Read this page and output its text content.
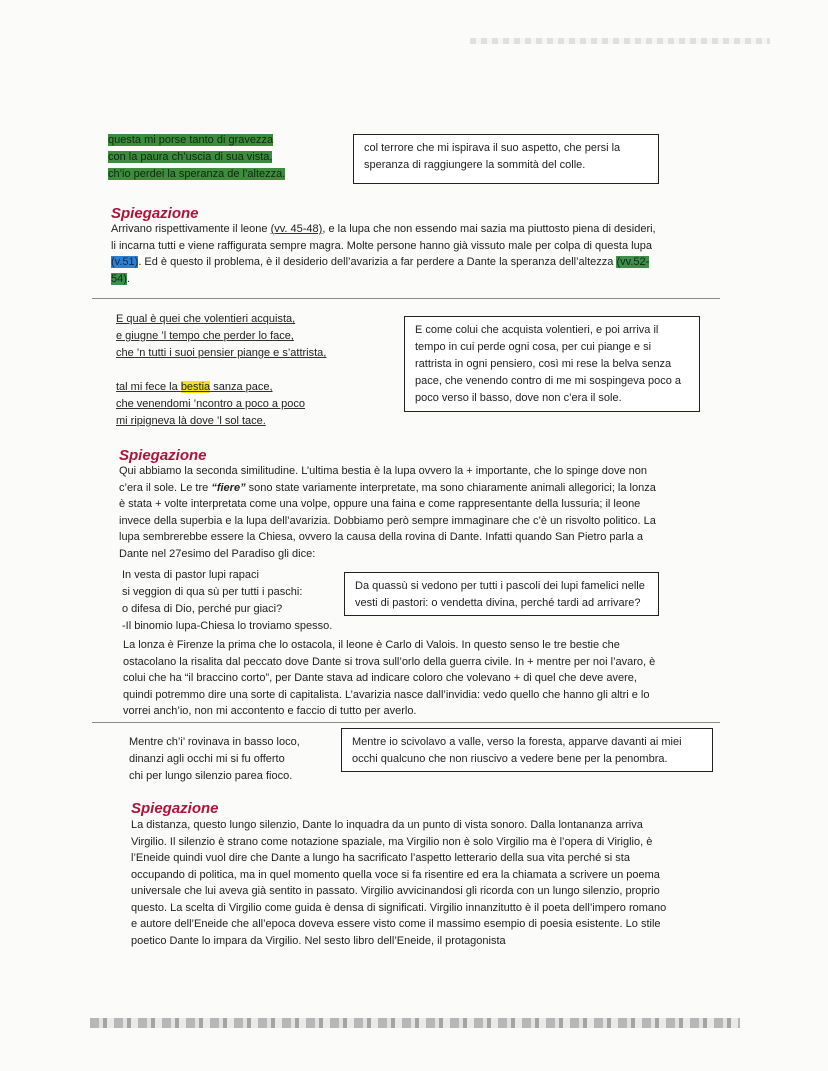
questa mi porse tanto di gravezza
con la paura ch’uscia di sua vista,
ch’io perdei la speranza de l’altezza.
col terrore che mi ispirava il suo aspetto, che persi la speranza di raggiungere la sommità del colle.
Spiegazione
Arrivano rispettivamente il leone (vv. 45-48), e la lupa che non essendo mai sazia ma piuttosto piena di desideri, li incarna tutti e viene raffigurata sempre magra. Molte persone hanno già vissuto male per colpa di questa lupa (v.51). Ed è questo il problema, è il desiderio dell’avarizia a far perdere a Dante la speranza dell’altezza (vv.52-54).
E qual è quei che volentieri acquista,
e giugne ’l tempo che perder lo face,
che ’n tutti i suoi pensier piange e s’attrista,

tal mi fece la bestia sanza pace,
che venendomi ’ncontro a poco a poco
mi ripigneva là dove ’l sol tace.
E come colui che acquista volentieri, e poi arriva il tempo in cui perde ogni cosa, per cui piange e si rattrista in ogni pensiero, così mi rese la belva senza pace, che venendo contro di me mi sospingeva poco a poco verso il basso, dove non c’era il sole.
Spiegazione
Qui abbiamo la seconda similitudine. L’ultima bestia è la lupa ovvero la + importante, che lo spinge dove non c’era il sole. Le tre “fiere” sono state variamente interpretate, ma sono chiaramente animali allegorici; la lonza è stata + volte interpretata come una volpe, oppure una faina e come rappresentante della lussuria; il leone invece della superbia e la lupa dell’avarizia. Dobbiamo però sempre immaginare che c’è un risvolto politico. La lupa sembrerebbe essere la Chiesa, ovvero la causa della rovina di Dante. Infatti quando San Pietro parla a Dante nel 27esimo del Paradiso gli dice:
In vesta di pastor lupi rapaci
si veggion di qua sù per tutti i paschi:
o difesa di Dio, perché pur giaci?
-Il binomio lupa-Chiesa lo troviamo spesso.
Da quassù si vedono per tutti i pascoli dei lupi famelici nelle vesti di pastori: o vendetta divina, perché tardi ad arrivare?
La lonza è Firenze la prima che lo ostacola, il leone è Carlo di Valois. In questo senso le tre bestie che ostacolano la risalita dal peccato dove Dante si trova sull’orlo della guerra civile. In + mentre per noi l’avaro, è colui che ha “il braccino corto”, per Dante stava ad indicare coloro che volevano + di quel che deve avere, quindi potremmo dire una sorte di capitalista. L’avarizia nasce dall’invidia: vedo quello che hanno gli altri e lo vorrei anch’io, non mi accontento e faccio di tutto per averlo.
Mentre ch’i’ rovinava in basso loco,
dinanzi agli occhi mi si fu offerto
chi per lungo silenzio parea fioco.
Mentre io scivolavo a valle, verso la foresta, apparve davanti ai miei occhi qualcuno che non riuscivo a vedere bene per la penombra.
Spiegazione
La distanza, questo lungo silenzio, Dante lo inquadra da un punto di vista sonoro. Dalla lontananza arriva Virgilio. Il silenzio è strano come notazione spaziale, ma Virgilio non è solo Virgilio ma è l’opera di Viriglio, è l’Eneide quindi vuol dire che Dante a lungo ha sacrificato l’aspetto letterario della sua vita perché si sta occupando di politica, ma in quel momento quella voce si fa risentire ed era la chiamata a scrivere un poema universale che lui aveva già sentito in passato. Virgilio avvicinandosi gli ricorda con un lungo silenzio, proprio questo. La scelta di Virgilio come guida è densa di significati. Virgilio innanzitutto è il poeta dell’impero romano e autore dell’Eneide che all’epoca doveva essere visto come il massimo esempio di poesia esistente. Lo stile poetico Dante lo impara da Virgilio. Nel sesto libro dell’Eneide, il protagonista
